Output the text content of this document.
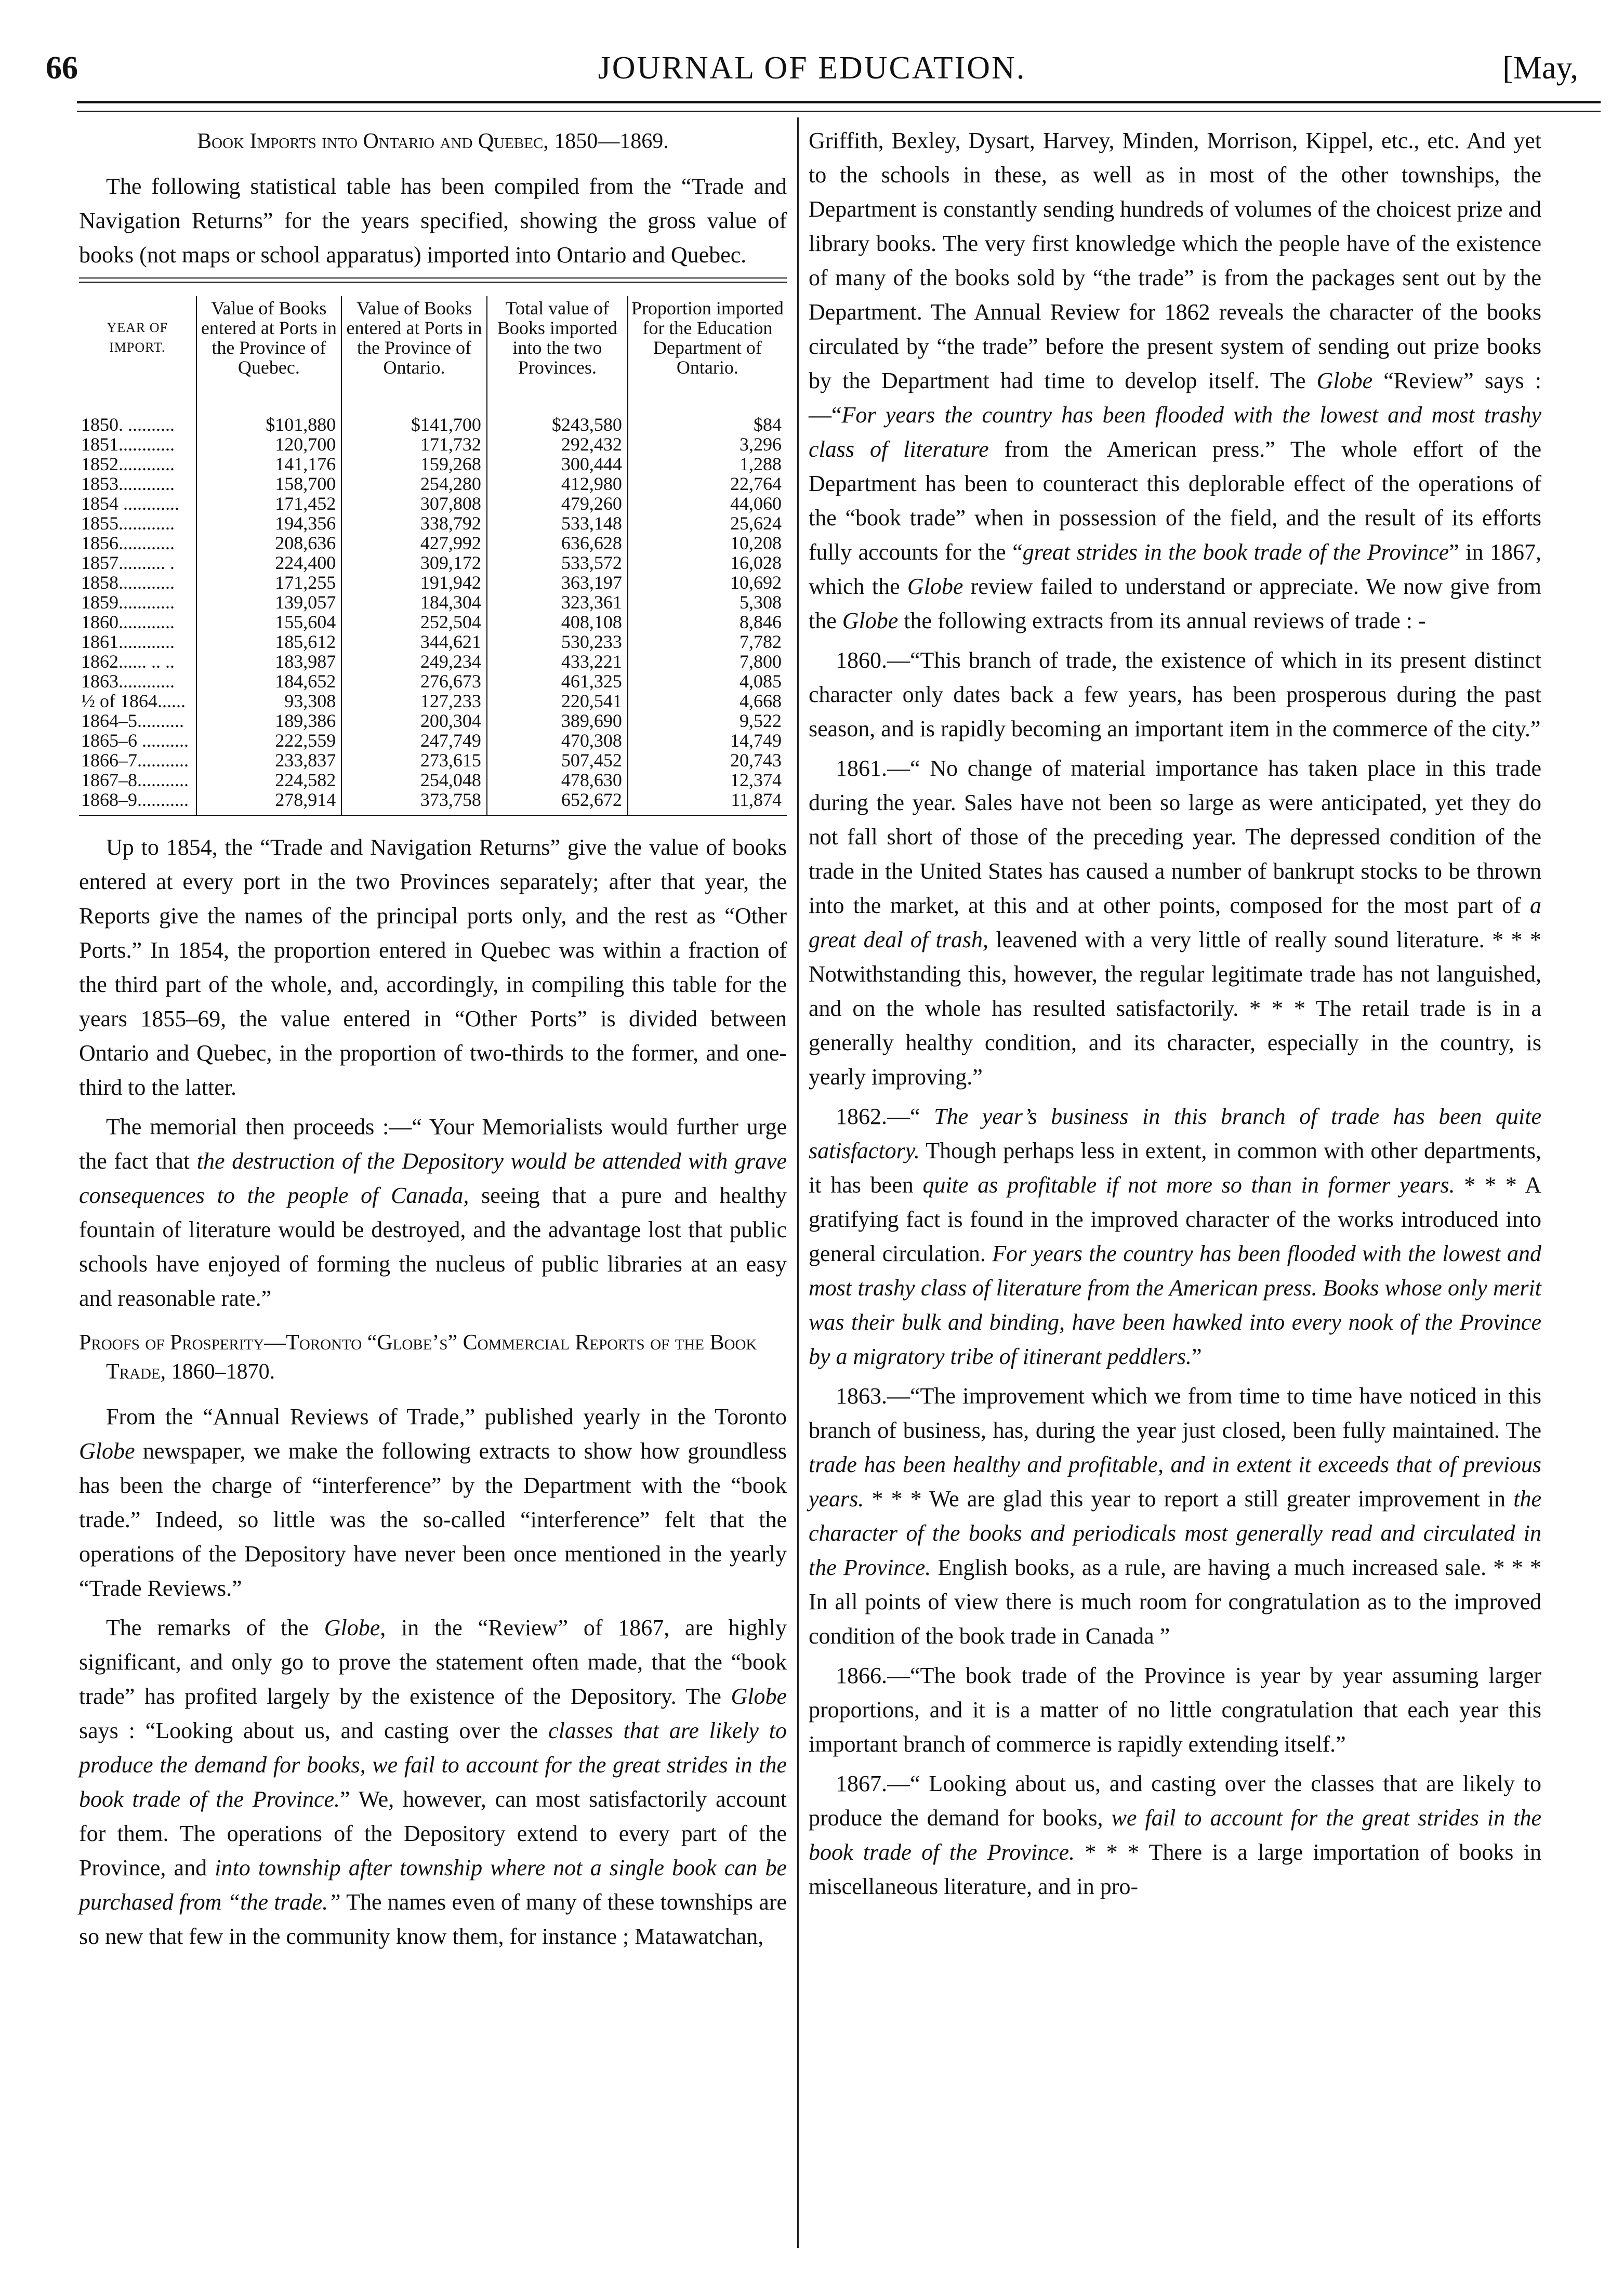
66	JOURNAL OF EDUCATION.	[May,
Book Imports into Ontario and Quebec, 1850—1869.

The following statistical table has been compiled from the “Trade and Navigation Returns” for the years specified, showing the gross value of books (not maps or school apparatus) imported into Ontario and Quebec.

YEAR OF IMPORT.	Value of Books entered at Ports in the Province of Quebec.	Value of Books entered at Ports in the Province of Ontario.	Total value of Books imported into the two Provinces.	Proportion imported for the Education Department of Ontario.
1850. ..........	$101,880	$141,700	$243,580	$84
1851............	120,700	171,732	292,432	3,296
1852............	141,176	159,268	300,444	1,288
1853............	158,700	254,280	412,980	22,764
1854 ............	171,452	307,808	479,260	44,060
1855............	194,356	338,792	533,148	25,624
1856............	208,636	427,992	636,628	10,208
1857.......... .	224,400	309,172	533,572	16,028
1858............	171,255	191,942	363,197	10,692
1859............	139,057	184,304	323,361	5,308
1860............	155,604	252,504	408,108	8,846
1861............	185,612	344,621	530,233	7,782
1862...... .. ..	183,987	249,234	433,221	7,800
1863............	184,652	276,673	461,325	4,085
½ of 1864......	93,308	127,233	220,541	4,668
1864–5..........	189,386	200,304	389,690	9,522
1865–6 ..........	222,559	247,749	470,308	14,749
1866–7...........	233,837	273,615	507,452	20,743
1867–8...........	224,582	254,048	478,630	12,374
1868–9...........	278,914	373,758	652,672	11,874

Up to 1854, the “Trade and Navigation Returns” give the value of books entered at every port in the two Provinces separately; after that year, the Reports give the names of the principal ports only, and the rest as “Other Ports.” In 1854, the proportion entered in Quebec was within a fraction of the third part of the whole, and, accordingly, in compiling this table for the years 1855–69, the value entered in “Other Ports” is divided between Ontario and Quebec, in the proportion of two-thirds to the former, and one-third to the latter.

The memorial then proceeds :—“ Your Memorialists would further urge the fact that the destruction of the Depository would be attended with grave consequences to the people of Canada, seeing that a pure and healthy fountain of literature would be destroyed, and the advantage lost that public schools have enjoyed of forming the nucleus of public libraries at an easy and reasonable rate.”

Proofs of Prosperity—Toronto “Globe’s” Commercial Reports of the Book Trade, 1860–1870.

From the “Annual Reviews of Trade,” published yearly in the Toronto Globe newspaper, we make the following extracts to show how groundless has been the charge of “interference” by the Department with the “book trade.” Indeed, so little was the so-called “interference” felt that the operations of the Depository have never been once mentioned in the yearly “Trade Reviews.”

The remarks of the Globe, in the “Review” of 1867, are highly significant, and only go to prove the statement often made, that the “book trade” has profited largely by the existence of the Depository. The Globe says : “Looking about us, and casting over the classes that are likely to produce the demand for books, we fail to account for the great strides in the book trade of the Province.” We, however, can most satisfactorily account for them. The operations of the Depository extend to every part of the Province, and into township after township where not a single book can be purchased from “the trade.” The names even of many of these townships are so new that few in the community know them, for instance ; Matawatchan,

Griffith, Bexley, Dysart, Harvey, Minden, Morrison, Kippel, etc., etc. And yet to the schools in these, as well as in most of the other townships, the Department is constantly sending hundreds of volumes of the choicest prize and library books. The very first knowledge which the people have of the existence of many of the books sold by “the trade” is from the packages sent out by the Department. The Annual Review for 1862 reveals the character of the books circulated by “the trade” before the present system of sending out prize books by the Department had time to develop itself. The Globe “Review” says :—“For years the country has been flooded with the lowest and most trashy class of literature from the American press.” The whole effort of the Department has been to counteract this deplorable effect of the operations of the “book trade” when in possession of the field, and the result of its efforts fully accounts for the “great strides in the book trade of the Province” in 1867, which the Globe review failed to understand or appreciate. We now give from the Globe the following extracts from its annual reviews of trade : -

1860.—“This branch of trade, the existence of which in its present distinct character only dates back a few years, has been prosperous during the past season, and is rapidly becoming an important item in the commerce of the city.”

1861.—“ No change of material importance has taken place in this trade during the year. Sales have not been so large as were anticipated, yet they do not fall short of those of the preceding year. The depressed condition of the trade in the United States has caused a number of bankrupt stocks to be thrown into the market, at this and at other points, composed for the most part of a great deal of trash, leavened with a very little of really sound literature. * * * Notwithstanding this, however, the regular legitimate trade has not languished, and on the whole has resulted satisfactorily. * * * The retail trade is in a generally healthy condition, and its character, especially in the country, is yearly improving.”

1862.—“ The year’s business in this branch of trade has been quite satisfactory. Though perhaps less in extent, in common with other departments, it has been quite as profitable if not more so than in former years. * * * A gratifying fact is found in the improved character of the works introduced into general circulation. For years the country has been flooded with the lowest and most trashy class of literature from the American press. Books whose only merit was their bulk and binding, have been hawked into every nook of the Province by a migratory tribe of itinerant peddlers.”

1863.—“The improvement which we from time to time have noticed in this branch of business, has, during the year just closed, been fully maintained. The trade has been healthy and profitable, and in extent it exceeds that of previous years. * * * We are glad this year to report a still greater improvement in the character of the books and periodicals most generally read and circulated in the Province. English books, as a rule, are having a much increased sale. * * * In all points of view there is much room for congratulation as to the improved condition of the book trade in Canada ”

1866.—“The book trade of the Province is year by year assuming larger proportions, and it is a matter of no little congratulation that each year this important branch of commerce is rapidly extending itself.”

1867.—“ Looking about us, and casting over the classes that are likely to produce the demand for books, we fail to account for the great strides in the book trade of the Province. * * * There is a large importation of books in miscellaneous literature, and in pro-
